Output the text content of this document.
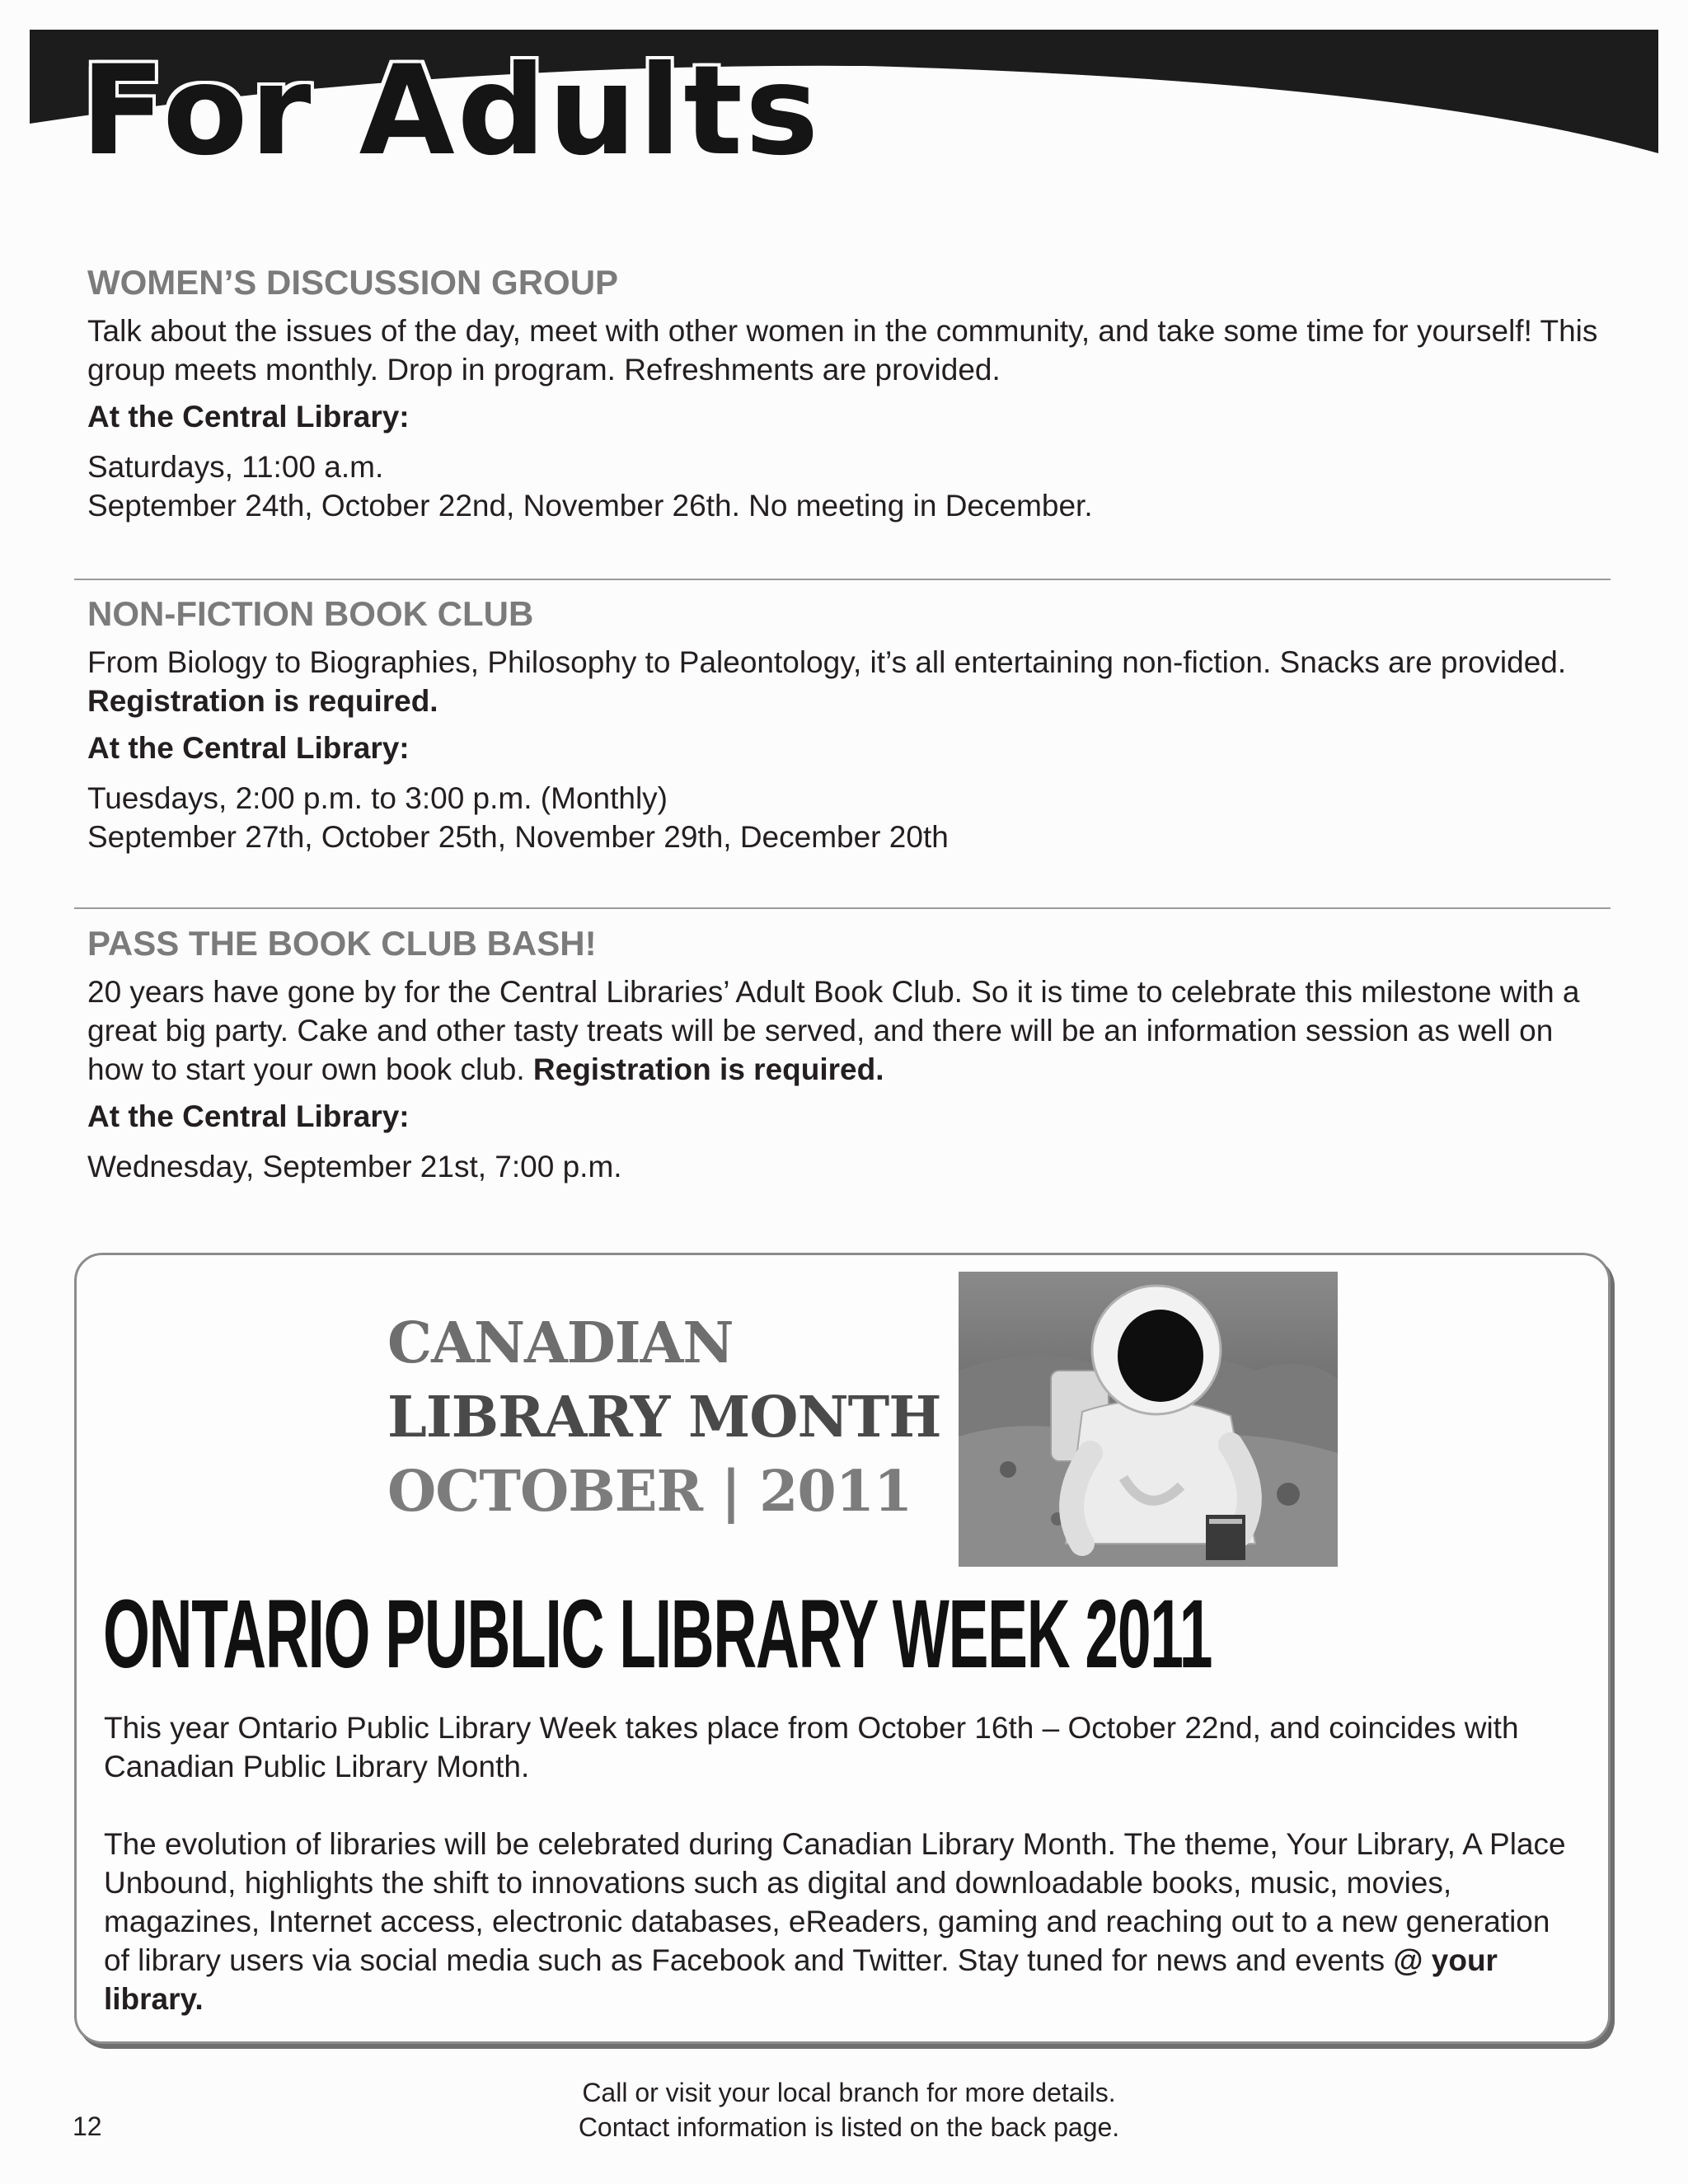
For Adults
WOMEN’S DISCUSSION GROUP

Talk about the issues of the day, meet with other women in the community, and take some time for yourself! This group meets monthly. Drop in program. Refreshments are provided.

At the Central Library:

Saturdays, 11:00 a.m.
September 24th, October 22nd, November 26th. No meeting in December.

NON-FICTION BOOK CLUB

From Biology to Biographies, Philosophy to Paleontology, it’s all entertaining non-fiction. Snacks are provided. Registration is required.

At the Central Library:

Tuesdays, 2:00 p.m. to 3:00 p.m. (Monthly)
September 27th, October 25th, November 29th, December 20th

PASS THE BOOK CLUB BASH!

20 years have gone by for the Central Libraries’ Adult Book Club. So it is time to celebrate this milestone with a great big party. Cake and other tasty treats will be served, and there will be an information session as well on how to start your own book club. Registration is required.

At the Central Library:

Wednesday, September 21st, 7:00 p.m.

CANADIAN

LIBRARY MONTH

OCTOBER | 2011

ONTARIO PUBLIC LIBRARY WEEK 2011

This year Ontario Public Library Week takes place from October 16th – October 22nd, and coincides with Canadian Public Library Month.

The evolution of libraries will be celebrated during Canadian Library Month. The theme, Your Library, A Place Unbound, highlights the shift to innovations such as digital and downloadable books, music, movies, magazines, Internet access, electronic databases, eReaders, gaming and reaching out to a new generation of library users via social media such as Facebook and Twitter. Stay tuned for news and events @ your library.

12

Call or visit your local branch for more details.

Contact information is listed on the back page.
